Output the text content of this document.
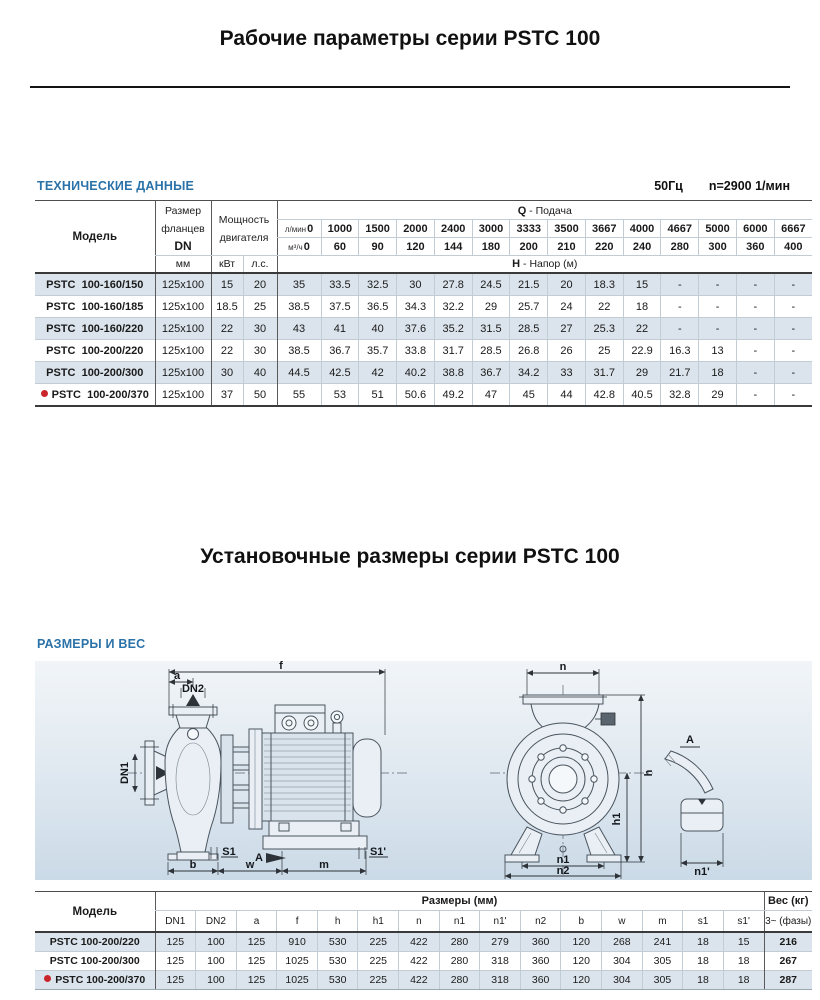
Рабочие параметры серии PSTC 100
ТЕХНИЧЕСКИЕ ДАННЫЕ	50Гц n=2900 1/мин
Модель	Размер
фланцев
DN	Мощность
двигателя		Q - Подача													
				л/мин0	1000	1500	2000	2400	3000	3333	3500	3667	4000	4667	5000	6000	6667
				м³/ч0	60	90	120	144	180	200	210	220	240	280	300	360	400
	мм	кВт	л.с.	H - Напор (м)													
PSTC  100-160/150	125x100	15	20	35	33.5	32.5	30	27.8	24.5	21.5	20	18.3	15	-	-	-	-
PSTC  100-160/185	125x100	18.5	25	38.5	37.5	36.5	34.3	32.2	29	25.7	24	22	18	-	-	-	-
PSTC  100-160/220	125x100	22	30	43	41	40	37.6	35.2	31.5	28.5	27	25.3	22	-	-	-	-
PSTC  100-200/220	125x100	22	30	38.5	36.7	35.7	33.8	31.7	28.5	26.8	26	25	22.9	16.3	13	-	-
PSTC  100-200/300	125x100	30	40	44.5	42.5	42	40.2	38.8	36.7	34.2	33	31.7	29	21.7	18	-	-
PSTC  100-200/370	125x100	37	50	55	53	51	50.6	49.2	47	45	44	42.8	40.5	32.8	29	-	-
Установочные размеры серии PSTC 100
РАЗМЕРЫ И ВЕС
DN1
DN2
a
f
b	w	m
S1 A	S1'
n
h
h1
n1
n2
A
n1'
Модель	Размеры (мм)															Вес (кг)
	DN1	DN2	a	f	h	h1	n	n1	n1'	n2	b	w	m	s1	s1'	3~ (фазы)
PSTC 100-200/220	125	100	125	910	530	225	422	280	279	360	120	268	241	18	15	216
PSTC 100-200/300	125	100	125	1025	530	225	422	280	318	360	120	304	305	18	18	267
PSTC 100-200/370	125	100	125	1025	530	225	422	280	318	360	120	304	305	18	18	287
